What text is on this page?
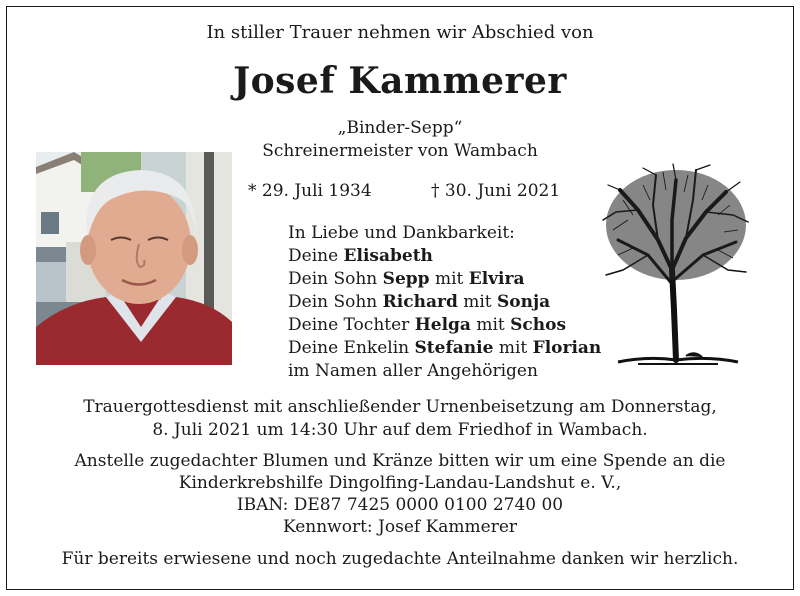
In stiller Trauer nehmen wir Abschied von
Josef Kammerer
„Binder-Sepp“
Schreinermeister von Wambach
* 29. Juli 1934	† 30. Juni 2021
In Liebe und Dankbarkeit:
Deine Elisabeth
Dein Sohn Sepp mit Elvira
Dein Sohn Richard mit Sonja
Deine Tochter Helga mit Schos
Deine Enkelin Stefanie mit Florian
im Namen aller Angehörigen
Trauergottesdienst mit anschließender Urnenbeisetzung am Donnerstag,
8. Juli 2021 um 14:30 Uhr auf dem Friedhof in Wambach.
Anstelle zugedachter Blumen und Kränze bitten wir um eine Spende an die
Kinderkrebshilfe Dingolfing-Landau-Landshut e. V.,
IBAN: DE87 7425 0000 0100 2740 00
Kennwort: Josef Kammerer
Für bereits erwiesene und noch zugedachte Anteilnahme danken wir herzlich.
